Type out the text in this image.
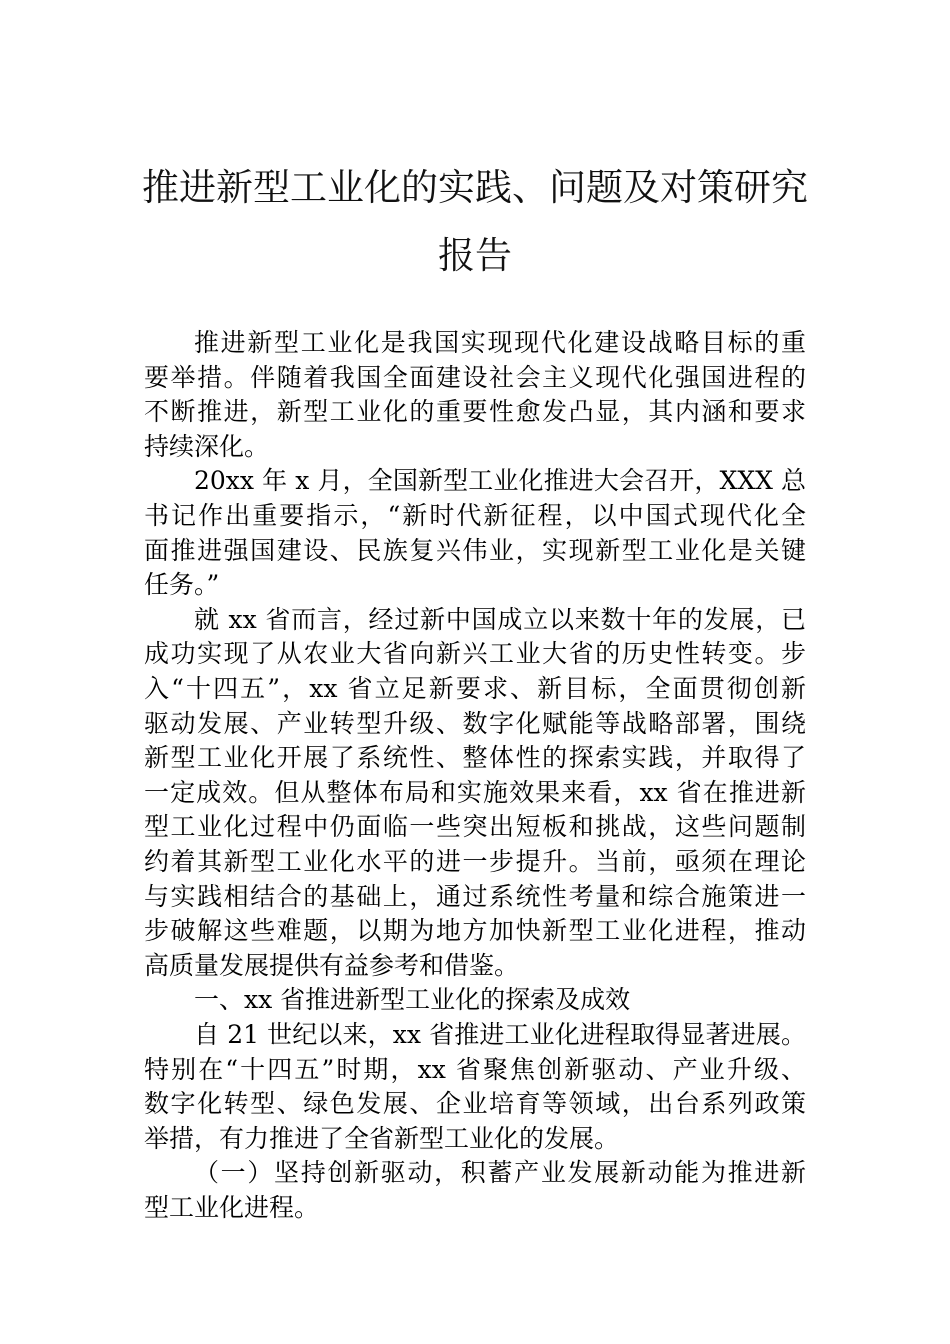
推进新型工业化的实践、问题及对策研究
报告
推进新型工业化是我国实现现代化建设战略目标的重
要举措。伴随着我国全面建设社会主义现代化强国进程的
不断推进，新型工业化的重要性愈发凸显，其内涵和要求
持续深化。
20xx 年 x 月，全国新型工业化推进大会召开，XXX 总
书记作出重要指示，“新时代新征程，以中国式现代化全
面推进强国建设、民族复兴伟业，实现新型工业化是关键
任务。”
就 xx 省而言，经过新中国成立以来数十年的发展，已
成功实现了从农业大省向新兴工业大省的历史性转变。步
入“十四五”，xx 省立足新要求、新目标，全面贯彻创新
驱动发展、产业转型升级、数字化赋能等战略部署，围绕
新型工业化开展了系统性、整体性的探索实践，并取得了
一定成效。但从整体布局和实施效果来看，xx 省在推进新
型工业化过程中仍面临一些突出短板和挑战，这些问题制
约着其新型工业化水平的进一步提升。当前，亟须在理论
与实践相结合的基础上，通过系统性考量和综合施策进一
步破解这些难题，以期为地方加快新型工业化进程，推动
高质量发展提供有益参考和借鉴。
一、xx 省推进新型工业化的探索及成效
自 21 世纪以来，xx 省推进工业化进程取得显著进展。
特别在“十四五”时期，xx 省聚焦创新驱动、产业升级、
数字化转型、绿色发展、企业培育等领域，出台系列政策
举措，有力推进了全省新型工业化的发展。
（一）坚持创新驱动，积蓄产业发展新动能为推进新
型工业化进程。
